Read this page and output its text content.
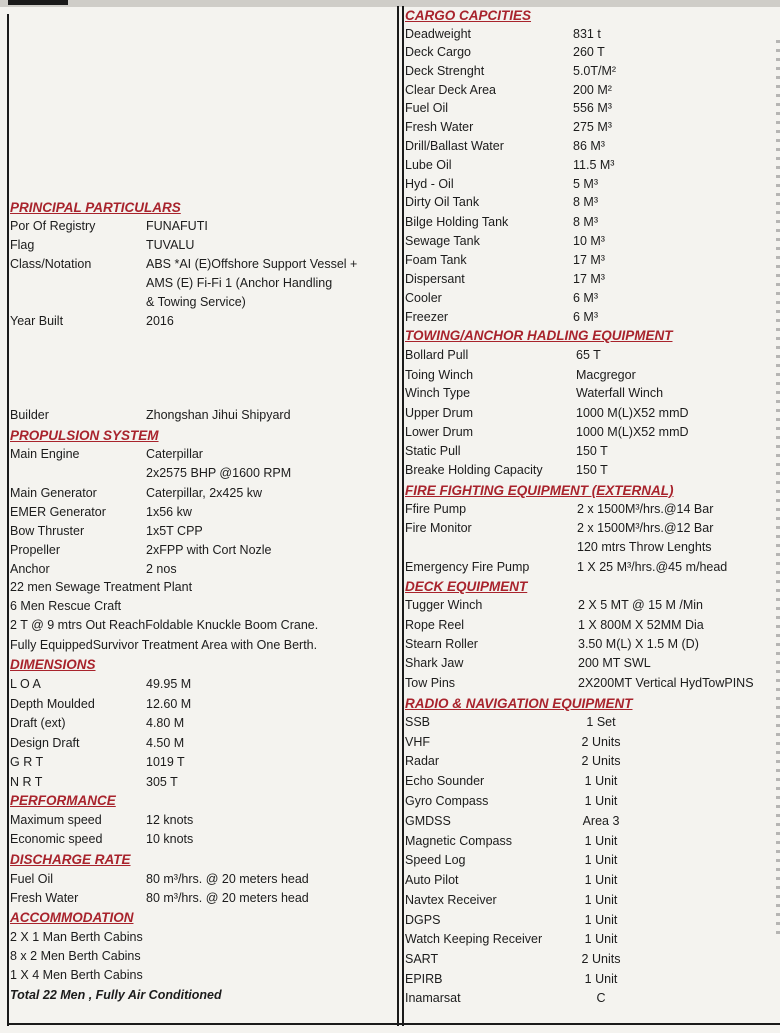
PRINCIPAL PARTICULARS
Por Of Registry	FUNAFUTI
Flag	TUVALU
Class/Notation	ABS *AI (E)Offshore Support Vessel +
AMS (E) Fi-Fi 1 (Anchor Handling
& Towing Service)
Year Built	2016
Builder	Zhongshan Jihui Shipyard
PROPULSION SYSTEM
Main Engine	Caterpillar
2x2575 BHP @1600 RPM
Main Generator	Caterpillar, 2x425 kw
EMER Generator	1x56 kw
Bow Thruster	1x5T CPP
Propeller	2xFPP with Cort Nozle
Anchor	2 nos
22 men Sewage Treatment Plant
6 Men Rescue Craft
2 T @ 9 mtrs Out ReachFoldable Knuckle Boom Crane.
Fully EquippedSurvivor Treatment Area with One Berth.
DIMENSIONS
L O A	49.95 M
Depth Moulded	12.60 M
Draft (ext)	4.80 M
Design Draft	4.50 M
G R T	1019 T
N R T	305 T
PERFORMANCE
Maximum speed	12 knots
Economic speed	10 knots
DISCHARGE RATE
Fuel Oil	80 m³/hrs. @ 20 meters head
Fresh Water	80 m³/hrs. @ 20 meters head
ACCOMMODATION
2 X 1 Man Berth Cabins
8 x 2 Men Berth Cabins
1 X 4 Men Berth Cabins
Total 22 Men , Fully Air Conditioned
CARGO CAPCITIES
Deadweight	831 t
Deck Cargo	260 T
Deck Strenght	5.0T/M²
Clear Deck Area	200 M²
Fuel Oil	556 M³
Fresh Water	275 M³
Drill/Ballast Water	86 M³
Lube Oil	11.5 M³
Hyd - Oil	5 M³
Dirty Oil Tank	8 M³
Bilge Holding Tank	8 M³
Sewage Tank	10 M³
Foam Tank	17 M³
Dispersant	17 M³
Cooler	6 M³
Freezer	6 M³
TOWING/ANCHOR HADLING EQUIPMENT
Bollard Pull	65 T
Toing Winch	Macgregor
Winch Type	Waterfall Winch
Upper Drum	1000 M(L)X52 mmD
Lower Drum	1000 M(L)X52 mmD
Static Pull	150 T
Breake Holding Capacity	150 T
FIRE FIGHTING EQUIPMENT (EXTERNAL)
Ffire Pump	2 x 1500M³/hrs.@14 Bar
Fire Monitor	2 x 1500M³/hrs.@12 Bar
120 mtrs Throw Lenghts
Emergency Fire Pump	1 X 25 M³/hrs.@45 m/head
DECK EQUIPMENT
Tugger Winch	2 X 5 MT @ 15 M /Min
Rope Reel	1 X 800M X 52MM Dia
Stearn Roller	3.50 M(L) X 1.5 M (D)
Shark Jaw	200 MT SWL
Tow Pins	2X200MT Vertical HydTowPINS
RADIO & NAVIGATION EQUIPMENT
SSB	1 Set
VHF	2 Units
Radar	2 Units
Echo Sounder	1 Unit
Gyro Compass	1 Unit
GMDSS	Area 3
Magnetic Compass	1 Unit
Speed Log	1 Unit
Auto Pilot	1 Unit
Navtex Receiver	1 Unit
DGPS	1 Unit
Watch Keeping Receiver	1 Unit
SART	2 Units
EPIRB	1 Unit
Inamarsat	C
